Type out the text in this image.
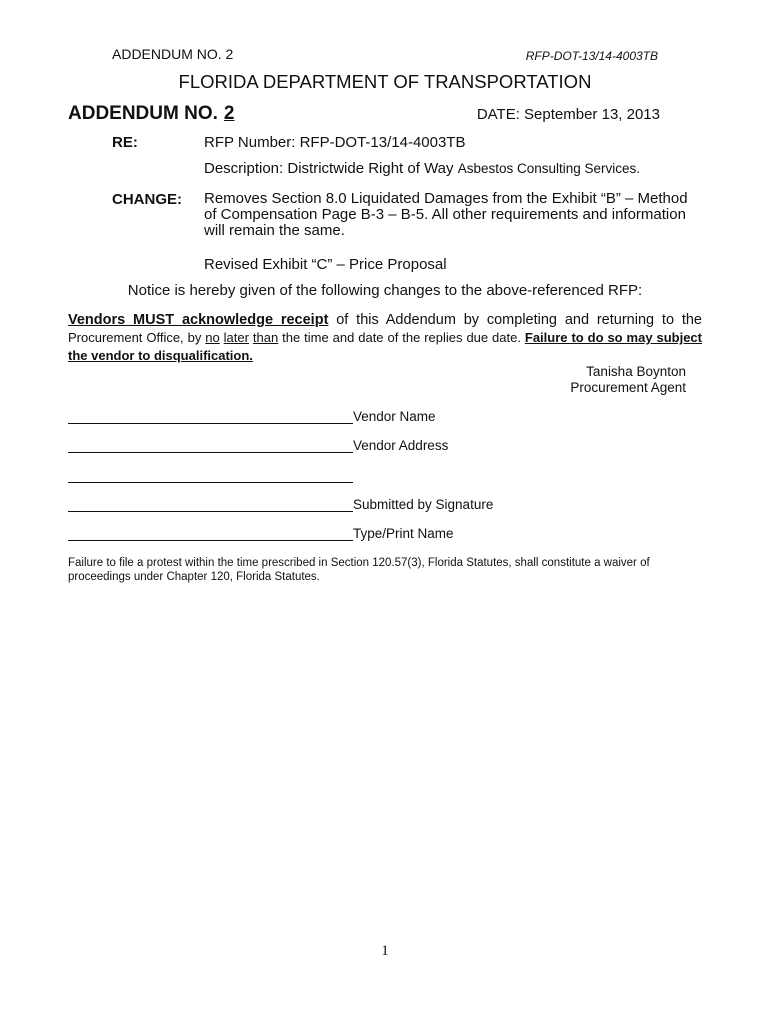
ADDENDUM NO. 2	RFP-DOT-13/14-4003TB
FLORIDA DEPARTMENT OF TRANSPORTATION
ADDENDUM NO. 2	DATE: September 13, 2013
RE:	RFP Number: RFP-DOT-13/14-4003TB
Description: Districtwide Right of Way Asbestos Consulting Services.
CHANGE: Removes Section 8.0 Liquidated Damages from the Exhibit “B” – Method of Compensation Page B-3 – B-5. All other requirements and information will remain the same.
Revised Exhibit “C” – Price Proposal
Notice is hereby given of the following changes to the above-referenced RFP:
Vendors MUST acknowledge receipt of this Addendum by completing and returning to the Procurement Office, by no later than the time and date of the replies due date. Failure to do so may subject the vendor to disqualification.
Tanisha Boynton
Procurement Agent
Vendor Name
Vendor Address
Submitted by Signature
Type/Print Name
Failure to file a protest within the time prescribed in Section 120.57(3), Florida Statutes, shall constitute a waiver of proceedings under Chapter 120, Florida Statutes.
1
